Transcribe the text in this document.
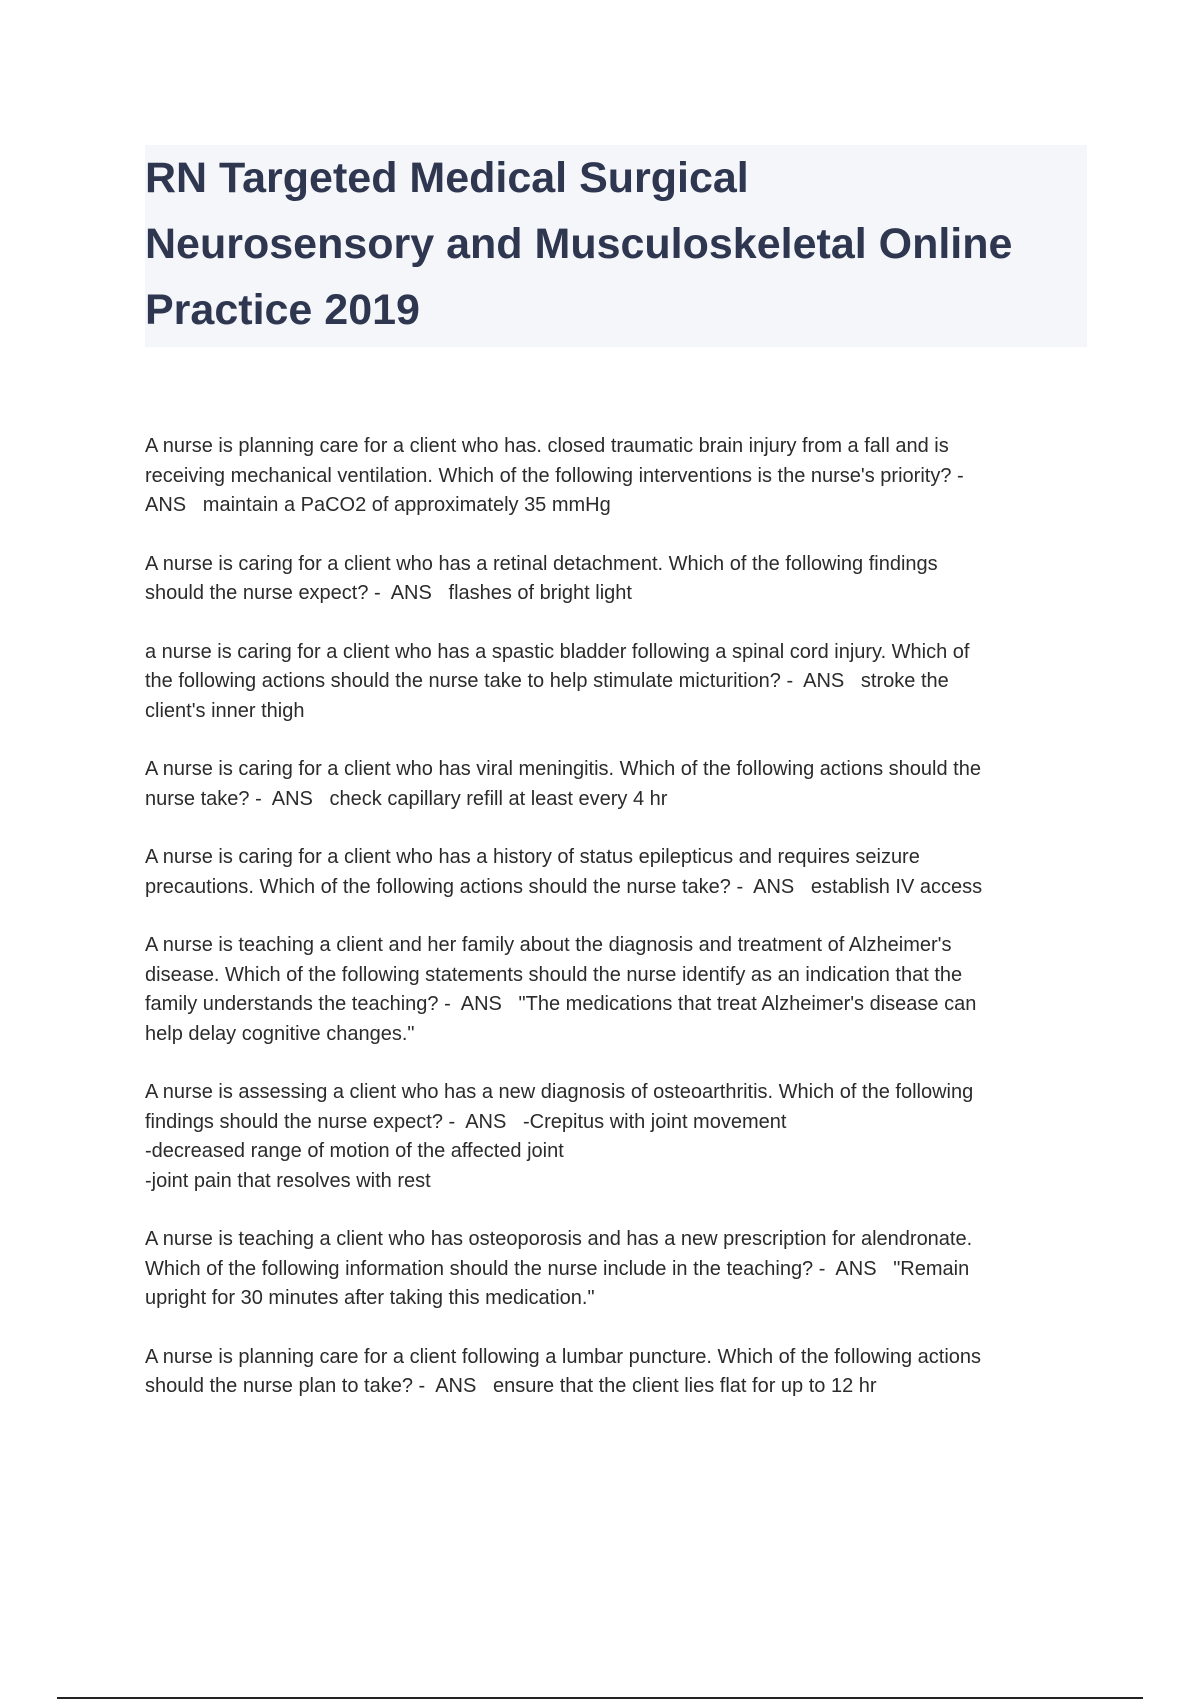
RN Targeted Medical Surgical
Neurosensory and Musculoskeletal Online
Practice 2019
A nurse is planning care for a client who has. closed traumatic brain injury from a fall and is
receiving mechanical ventilation. Which of the following interventions is the nurse's priority? -
ANS   maintain a PaCO2 of approximately 35 mmHg
A nurse is caring for a client who has a retinal detachment. Which of the following findings
should the nurse expect? -  ANS   flashes of bright light
a nurse is caring for a client who has a spastic bladder following a spinal cord injury. Which of
the following actions should the nurse take to help stimulate micturition? -  ANS   stroke the
client's inner thigh
A nurse is caring for a client who has viral meningitis. Which of the following actions should the
nurse take? -  ANS   check capillary refill at least every 4 hr
A nurse is caring for a client who has a history of status epilepticus and requires seizure
precautions. Which of the following actions should the nurse take? -  ANS   establish IV access
A nurse is teaching a client and her family about the diagnosis and treatment of Alzheimer's
disease. Which of the following statements should the nurse identify as an indication that the
family understands the teaching? -  ANS   "The medications that treat Alzheimer's disease can
help delay cognitive changes."
A nurse is assessing a client who has a new diagnosis of osteoarthritis. Which of the following
findings should the nurse expect? -  ANS   -Crepitus with joint movement
-decreased range of motion of the affected joint
-joint pain that resolves with rest
A nurse is teaching a client who has osteoporosis and has a new prescription for alendronate.
Which of the following information should the nurse include in the teaching? -  ANS   "Remain
upright for 30 minutes after taking this medication."
A nurse is planning care for a client following a lumbar puncture. Which of the following actions
should the nurse plan to take? -  ANS   ensure that the client lies flat for up to 12 hr
